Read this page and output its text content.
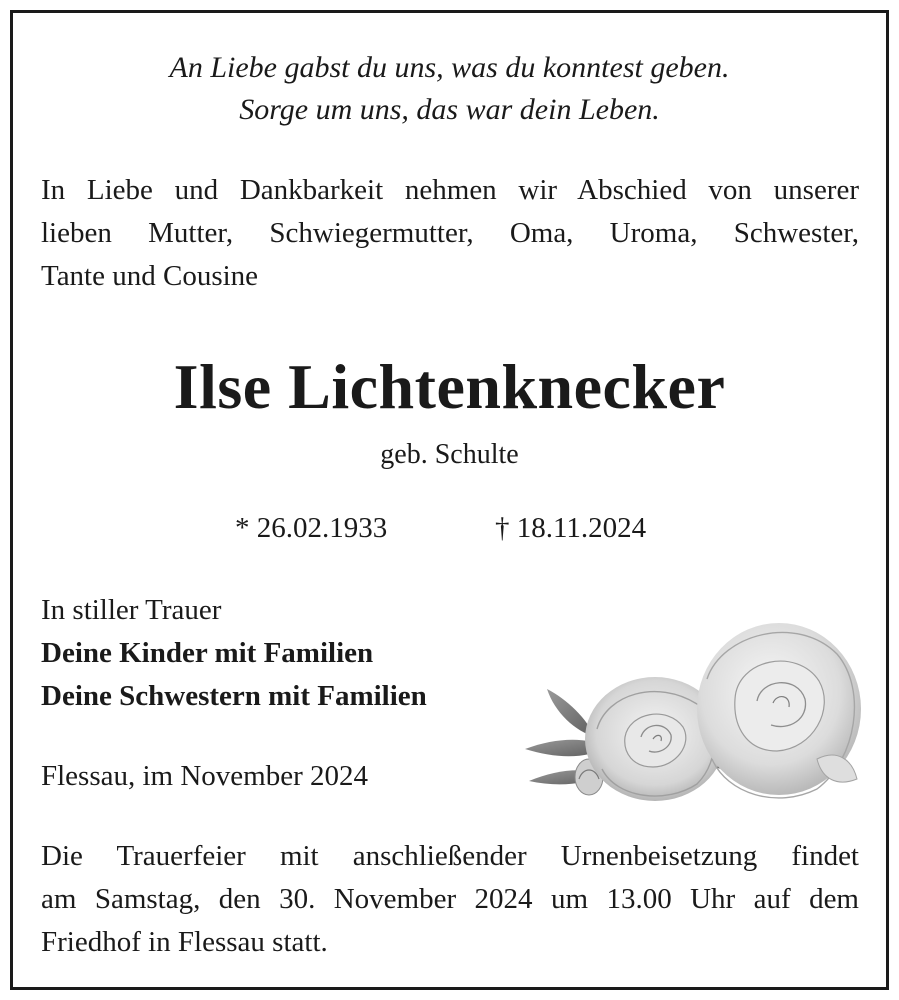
An Liebe gabst du uns, was du konntest geben.
Sorge um uns, das war dein Leben.
In Liebe und Dankbarkeit nehmen wir Abschied von unserer
lieben Mutter, Schwiegermutter, Oma, Uroma, Schwester,
Tante und Cousine
Ilse Lichtenknecker
geb. Schulte
* 26.02.1933	† 18.11.2024
In stiller Trauer
Deine Kinder mit Familien
Deine Schwestern mit Familien
Flessau, im November 2024
Die Trauerfeier mit anschließender Urnenbeisetzung findet
am Samstag, den 30. November 2024 um 13.00 Uhr auf dem
Friedhof in Flessau statt.
